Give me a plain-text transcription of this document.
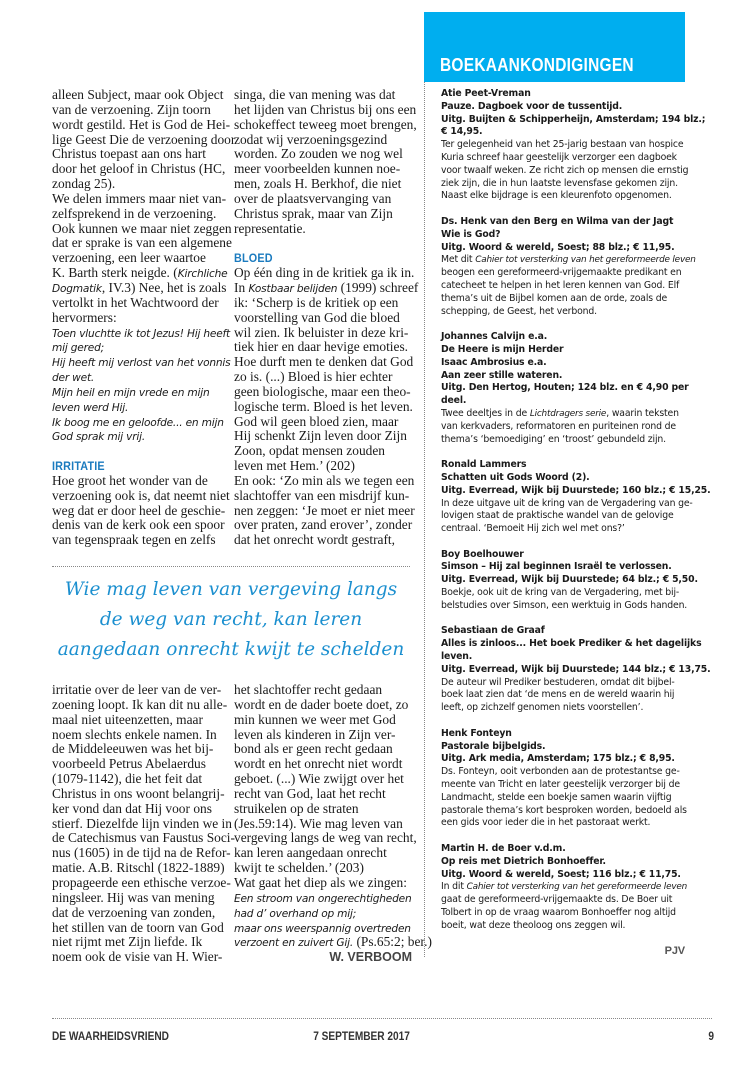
alleen Subject, maar ook Object
van de verzoening. Zijn toorn
wordt gestild. Het is God de Hei-
lige Geest Die de verzoening door
Christus toepast aan ons hart
door het geloof in Christus (HC,
zondag 25).
We delen immers maar niet van-
zelfsprekend in de verzoening.
Ook kunnen we maar niet zeggen
dat er sprake is van een algemene
verzoening, een leer waartoe
K. Barth sterk neigde. (Kirchliche
Dogmatik, IV.3) Nee, het is zoals
vertolkt in het Wachtwoord der
hervormers:
Toen vluchtte ik tot Jezus! Hij heeft
mij gered;
Hij heeft mij verlost van het vonnis
der wet.
Mijn heil en mijn vrede en mijn
leven werd Hij.
Ik boog me en geloofde... en mijn
God sprak mij vrij.

IRRITATIE
Hoe groot het wonder van de
verzoening ook is, dat neemt niet
weg dat er door heel de geschie-
denis van de kerk ook een spoor
van tegenspraak tegen en zelfs
singa, die van mening was dat
het lijden van Christus bij ons een
schokeffect teweeg moet brengen,
zodat wij verzoeningsgezind
worden. Zo zouden we nog wel
meer voorbeelden kunnen noe-
men, zoals H. Berkhof, die niet
over de plaatsvervanging van
Christus sprak, maar van Zijn
representatie.

BLOED
Op één ding in de kritiek ga ik in.
In Kostbaar belijden (1999) schreef
ik: ‘Scherp is de kritiek op een
voorstelling van God die bloed
wil zien. Ik beluister in deze kri-
tiek hier en daar hevige emoties.
Hoe durft men te denken dat God
zo is. (...) Bloed is hier echter
geen biologische, maar een theo-
logische term. Bloed is het leven.
God wil geen bloed zien, maar
Hij schenkt Zijn leven door Zijn
Zoon, opdat mensen zouden
leven met Hem.’ (202)
En ook: ‘Zo min als we tegen een
slachtoffer van een misdrijf kun-
nen zeggen: ‘Je moet er niet meer
over praten, zand erover’, zonder
dat het onrecht wordt gestraft,
Wie mag leven van vergeving langs
de weg van recht, kan leren
aangedaan onrecht kwijt te schelden
irritatie over de leer van de ver-
zoening loopt. Ik kan dit nu alle-
maal niet uiteenzetten, maar
noem slechts enkele namen. In
de Middeleeuwen was het bij-
voorbeeld Petrus Abelaerdus
(1079-1142), die het feit dat
Christus in ons woont belangrij-
ker vond dan dat Hij voor ons
stierf. Diezelfde lijn vinden we in
de Catechismus van Faustus Soci-
nus (1605) in de tijd na de Refor-
matie. A.B. Ritschl (1822-1889)
propageerde een ethische verzoe-
ningsleer. Hij was van mening
dat de verzoening van zonden,
het stillen van de toorn van God
niet rijmt met Zijn liefde. Ik
noem ook de visie van H. Wier-
het slachtoffer recht gedaan
wordt en de dader boete doet, zo
min kunnen we weer met God
leven als kinderen in Zijn ver-
bond als er geen recht gedaan
wordt en het onrecht niet wordt
geboet. (...) Wie zwijgt over het
recht van God, laat het recht
struikelen op de straten
(Jes.59:14). Wie mag leven van
vergeving langs de weg van recht,
kan leren aangedaan onrecht
kwijt te schelden.’ (203)
Wat gaat het diep als we zingen:
Een stroom van ongerechtigheden
had d’ overhand op mij;
maar ons weerspannig overtreden
verzoent en zuivert Gij. (Ps.65:2; ber.)
W. VERBOOM
BOEKAANKONDIGINGEN
Atie Peet-Vreman
Pauze. Dagboek voor de tussentijd.
Uitg. Buijten & Schipperheijn, Amsterdam; 194 blz.;
€ 14,95.
Ter gelegenheid van het 25-jarig bestaan van hospice
Kuria schreef haar geestelijk verzorger een dagboek
voor twaalf weken. Ze richt zich op mensen die ernstig
ziek zijn, die in hun laatste levensfase gekomen zijn.
Naast elke bijdrage is een kleurenfoto opgenomen.

Ds. Henk van den Berg en Wilma van der Jagt
Wie is God?
Uitg. Woord & wereld, Soest; 88 blz.; € 11,95.
Met dit Cahier tot versterking van het gereformeerde leven
beogen een gereformeerd-vrijgemaakte predikant en
catecheet te helpen in het leren kennen van God. Elf
thema’s uit de Bijbel komen aan de orde, zoals de
schepping, de Geest, het verbond.

Johannes Calvijn e.a.
De Heere is mijn Herder
Isaac Ambrosius e.a.
Aan zeer stille wateren.
Uitg. Den Hertog, Houten; 124 blz. en € 4,90 per
deel.
Twee deeltjes in de Lichtdragers serie, waarin teksten
van kerkvaders, reformatoren en puriteinen rond de
thema’s ‘bemoediging’ en ‘troost’ gebundeld zijn.

Ronald Lammers
Schatten uit Gods Woord (2).
Uitg. Everread, Wijk bij Duurstede; 160 blz.; € 15,25.
In deze uitgave uit de kring van de Vergadering van ge-
lovigen staat de praktische wandel van de gelovige
centraal. ‘Bemoeit Hij zich wel met ons?’

Boy Boelhouwer
Simson – Hij zal beginnen Israël te verlossen.
Uitg. Everread, Wijk bij Duurstede; 64 blz.; € 5,50.
Boekje, ook uit de kring van de Vergadering, met bij-
belstudies over Simson, een werktuig in Gods handen.

Sebastiaan de Graaf
Alles is zinloos... Het boek Prediker & het dagelijks
leven.
Uitg. Everread, Wijk bij Duurstede; 144 blz.; € 13,75.
De auteur wil Prediker bestuderen, omdat dit bijbel-
boek laat zien dat ‘de mens en de wereld waarin hij
leeft, op zichzelf genomen niets voorstellen’.

Henk Fonteyn
Pastorale bijbelgids.
Uitg. Ark media, Amsterdam; 175 blz.; € 8,95.
Ds. Fonteyn, ooit verbonden aan de protestantse ge-
meente van Tricht en later geestelijk verzorger bij de
Landmacht, stelde een boekje samen waarin vijftig
pastorale thema’s kort besproken worden, bedoeld als
een gids voor ieder die in het pastoraat werkt.

Martin H. de Boer v.d.m.
Op reis met Dietrich Bonhoeffer.
Uitg. Woord & wereld, Soest; 116 blz.; € 11,75.
In dit Cahier tot versterking van het gereformeerde leven
gaat de gereformeerd-vrijgemaakte ds. De Boer uit
Tolbert in op de vraag waarom Bonhoeffer nog altijd
boeit, wat deze theoloog ons zeggen wil.

PJV
DE WAARHEIDSVRIEND	7 SEPTEMBER 2017	9
